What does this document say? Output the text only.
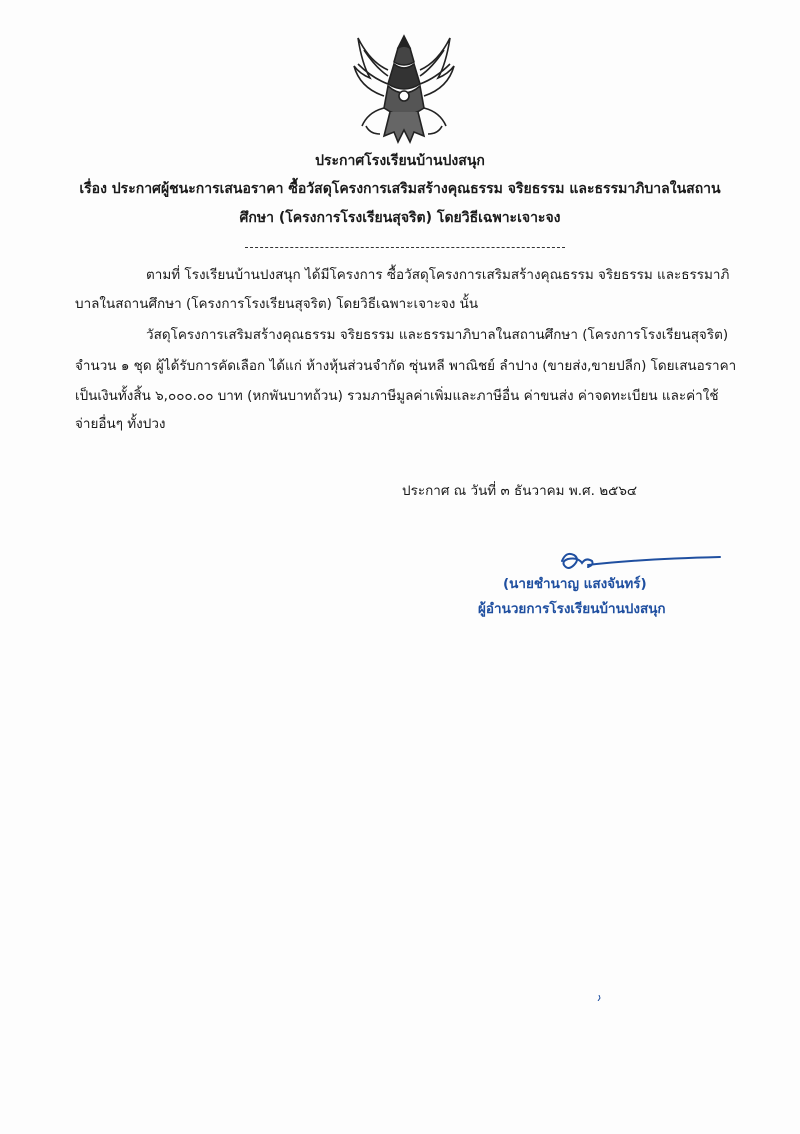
ประกาศโรงเรียนบ้านปงสนุก
เรื่อง ประกาศผู้ชนะการเสนอราคา ซื้อวัสดุโครงการเสริมสร้างคุณธรรม จริยธรรม และธรรมาภิบาลในสถาน
ศึกษา (โครงการโรงเรียนสุจริต) โดยวิธีเฉพาะเจาะจง
ตามที่ โรงเรียนบ้านปงสนุก ได้มีโครงการ ซื้อวัสดุโครงการเสริมสร้างคุณธรรม จริยธรรม และธรรมาภิ
บาลในสถานศึกษา (โครงการโรงเรียนสุจริต) โดยวิธีเฉพาะเจาะจง นั้น
วัสดุโครงการเสริมสร้างคุณธรรม จริยธรรม และธรรมาภิบาลในสถานศึกษา (โครงการโรงเรียนสุจริต)
จำนวน ๑ ชุด ผู้ได้รับการคัดเลือก ได้แก่ ห้างหุ้นส่วนจำกัด ซุ่นหลี พาณิชย์ ลำปาง (ขายส่ง,ขายปลีก) โดยเสนอราคา
เป็นเงินทั้งสิ้น ๖,๐๐๐.๐๐ บาท (หกพันบาทถ้วน) รวมภาษีมูลค่าเพิ่มและภาษีอื่น ค่าขนส่ง ค่าจดทะเบียน และค่าใช้
จ่ายอื่นๆ ทั้งปวง
ประกาศ ณ วันที่ ๓ ธันวาคม พ.ศ. ๒๕๖๔
(นายชำนาญ แสงจันทร์)
ผู้อำนวยการโรงเรียนบ้านปงสนุก
